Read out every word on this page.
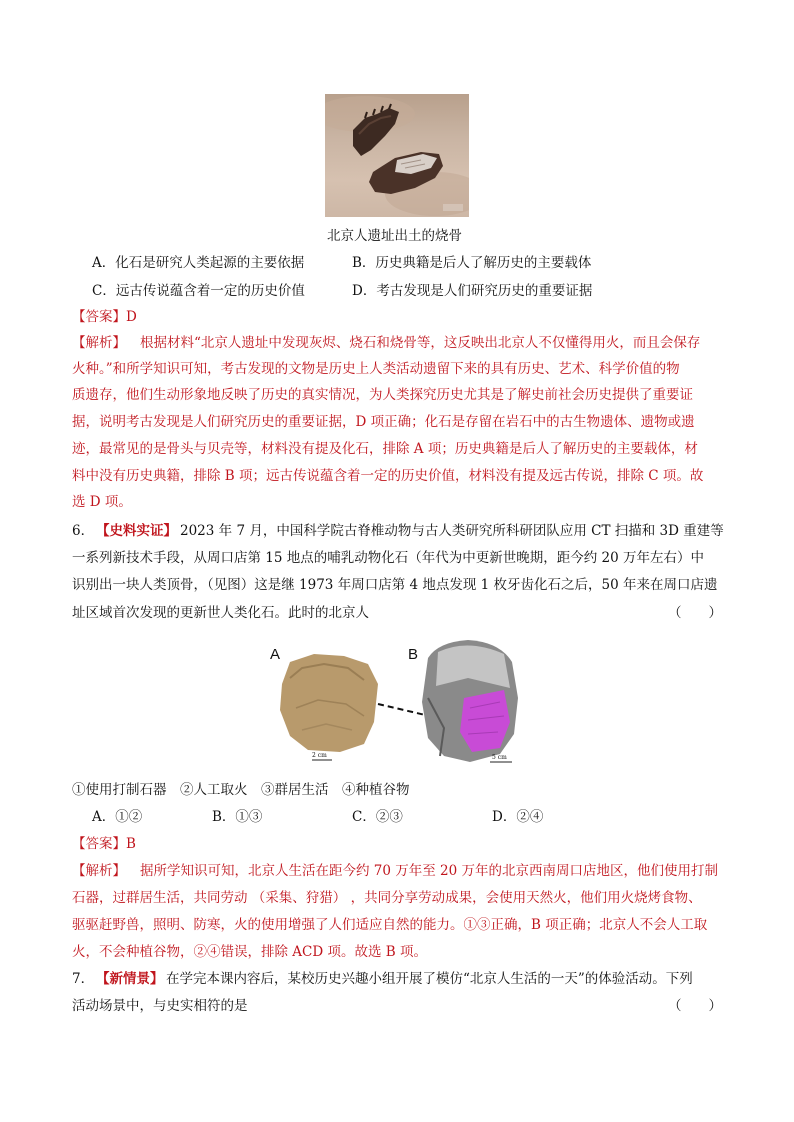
北京人遗址出土的烧骨
A．化石是研究人类起源的主要依据	B．历史典籍是后人了解历史的主要载体
C．远古传说蕴含着一定的历史价值	D．考古发现是人们研究历史的重要证据
【答案】D
【解析】 根据材料“北京人遗址中发现灰烬、烧石和烧骨等，这反映出北京人不仅懂得用火，而且会保存
火种。”和所学知识可知，考古发现的文物是历史上人类活动遗留下来的具有历史、艺术、科学价值的物
质遗存，他们生动形象地反映了历史的真实情况，为人类探究历史尤其是了解史前社会历史提供了重要证
据，说明考古发现是人们研究历史的重要证据，D 项正确；化石是存留在岩石中的古生物遗体、遗物或遗
迹，最常见的是骨头与贝壳等，材料没有提及化石，排除 A 项；历史典籍是后人了解历史的主要载体，材
料中没有历史典籍，排除 B 项；远古传说蕴含着一定的历史价值，材料没有提及远古传说，排除 C 项。故
选 D 项。
6． 【史料实证】 2023 年 7 月，中国科学院古脊椎动物与古人类研究所科研团队应用 CT 扫描和 3D 重建等
一系列新技术手段，从周口店第 15 地点的哺乳动物化石（年代为中更新世晚期，距今约 20 万年左右）中
识别出一块人类顶骨，（见图）这是继 1973 年周口店第 4 地点发现 1 枚牙齿化石之后，50 年来在周口店遗
址区域首次发现的更新世人类化石。此时的北京人	（　　）
A	B
2 cm	5 cm
①使用打制石器　②人工取火　③群居生活　④种植谷物
A．①②	B．①③	C．②③	D．②④
【答案】B
【解析】 据所学知识可知，北京人生活在距今约 70 万年至 20 万年的北京西南周口店地区，他们使用打制
石器，过群居生活，共同劳动 （采集、狩猎） ，共同分享劳动成果，会使用天然火，他们用火烧烤食物、
驱驱赶野兽，照明、防寒，火的使用增强了人们适应自然的能力。①③正确，B 项正确；北京人不会人工取
火，不会种植谷物，②④错误，排除 ACD 项。故选 B 项。
7． 【新情景】 在学完本课内容后，某校历史兴趣小组开展了模仿“北京人生活的一天”的体验活动。下列
活动场景中，与史实相符的是	（　　）
